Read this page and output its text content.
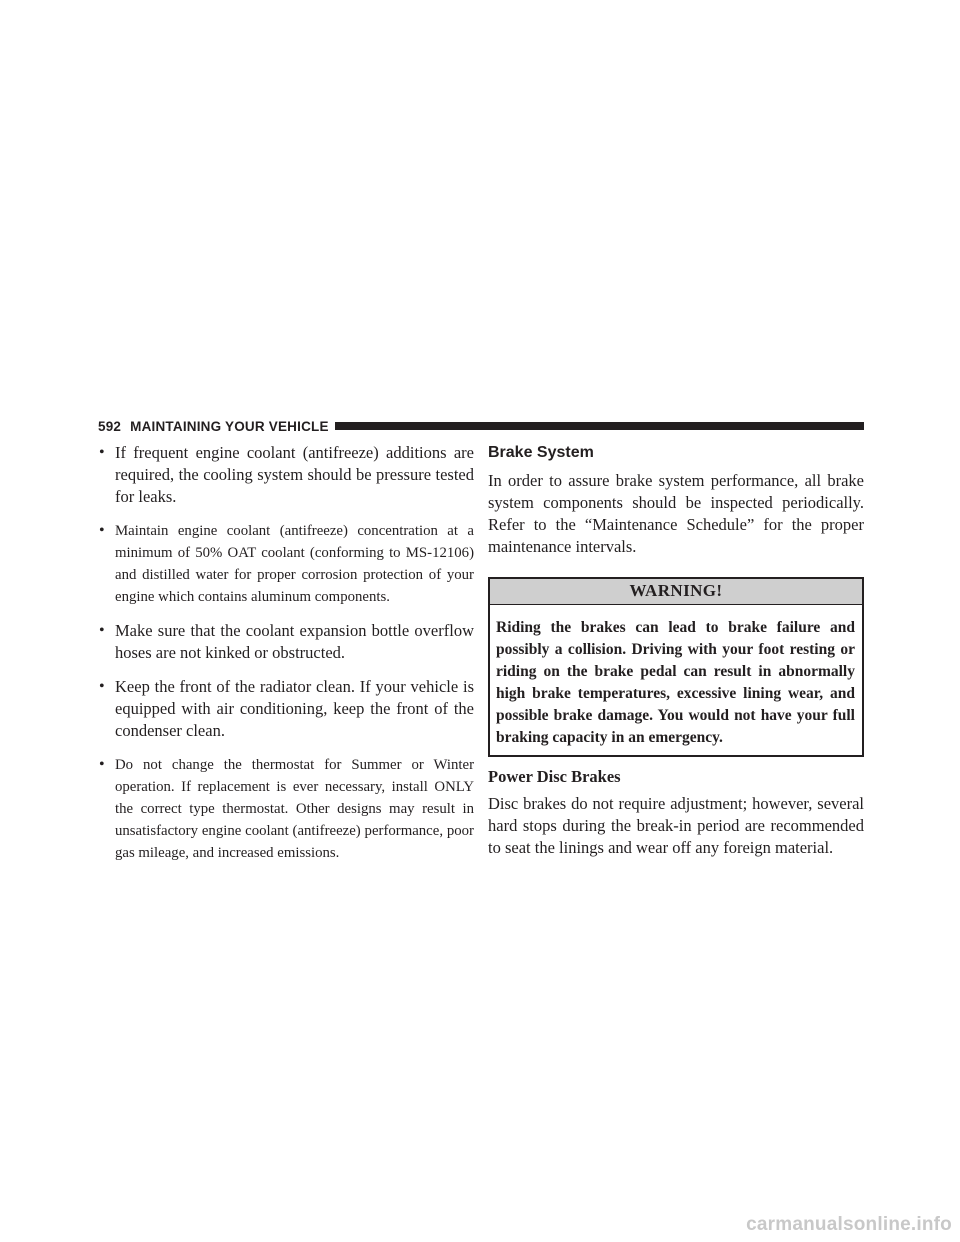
592 MAINTAINING YOUR VEHICLE
• If frequent engine coolant (antifreeze) additions are required, the cooling system should be pressure tested for leaks.
• Maintain engine coolant (antifreeze) concentration at a minimum of 50% OAT coolant (conforming to MS-12106) and distilled water for proper corrosion protection of your engine which contains aluminum components.
• Make sure that the coolant expansion bottle overflow hoses are not kinked or obstructed.
• Keep the front of the radiator clean. If your vehicle is equipped with air conditioning, keep the front of the condenser clean.
• Do not change the thermostat for Summer or Winter operation. If replacement is ever necessary, install ONLY the correct type thermostat. Other designs may result in unsatisfactory engine coolant (antifreeze) performance, poor gas mileage, and increased emissions.
Brake System

In order to assure brake system performance, all brake system components should be inspected periodically. Refer to the “Maintenance Schedule” for the proper maintenance intervals.

WARNING!
Riding the brakes can lead to brake failure and possibly a collision. Driving with your foot resting or riding on the brake pedal can result in abnormally high brake temperatures, excessive lining wear, and possible brake damage. You would not have your full braking capacity in an emergency.
Power Disc Brakes

Disc brakes do not require adjustment; however, several hard stops during the break-in period are recommended to seat the linings and wear off any foreign material.

carmanualsonline.info
